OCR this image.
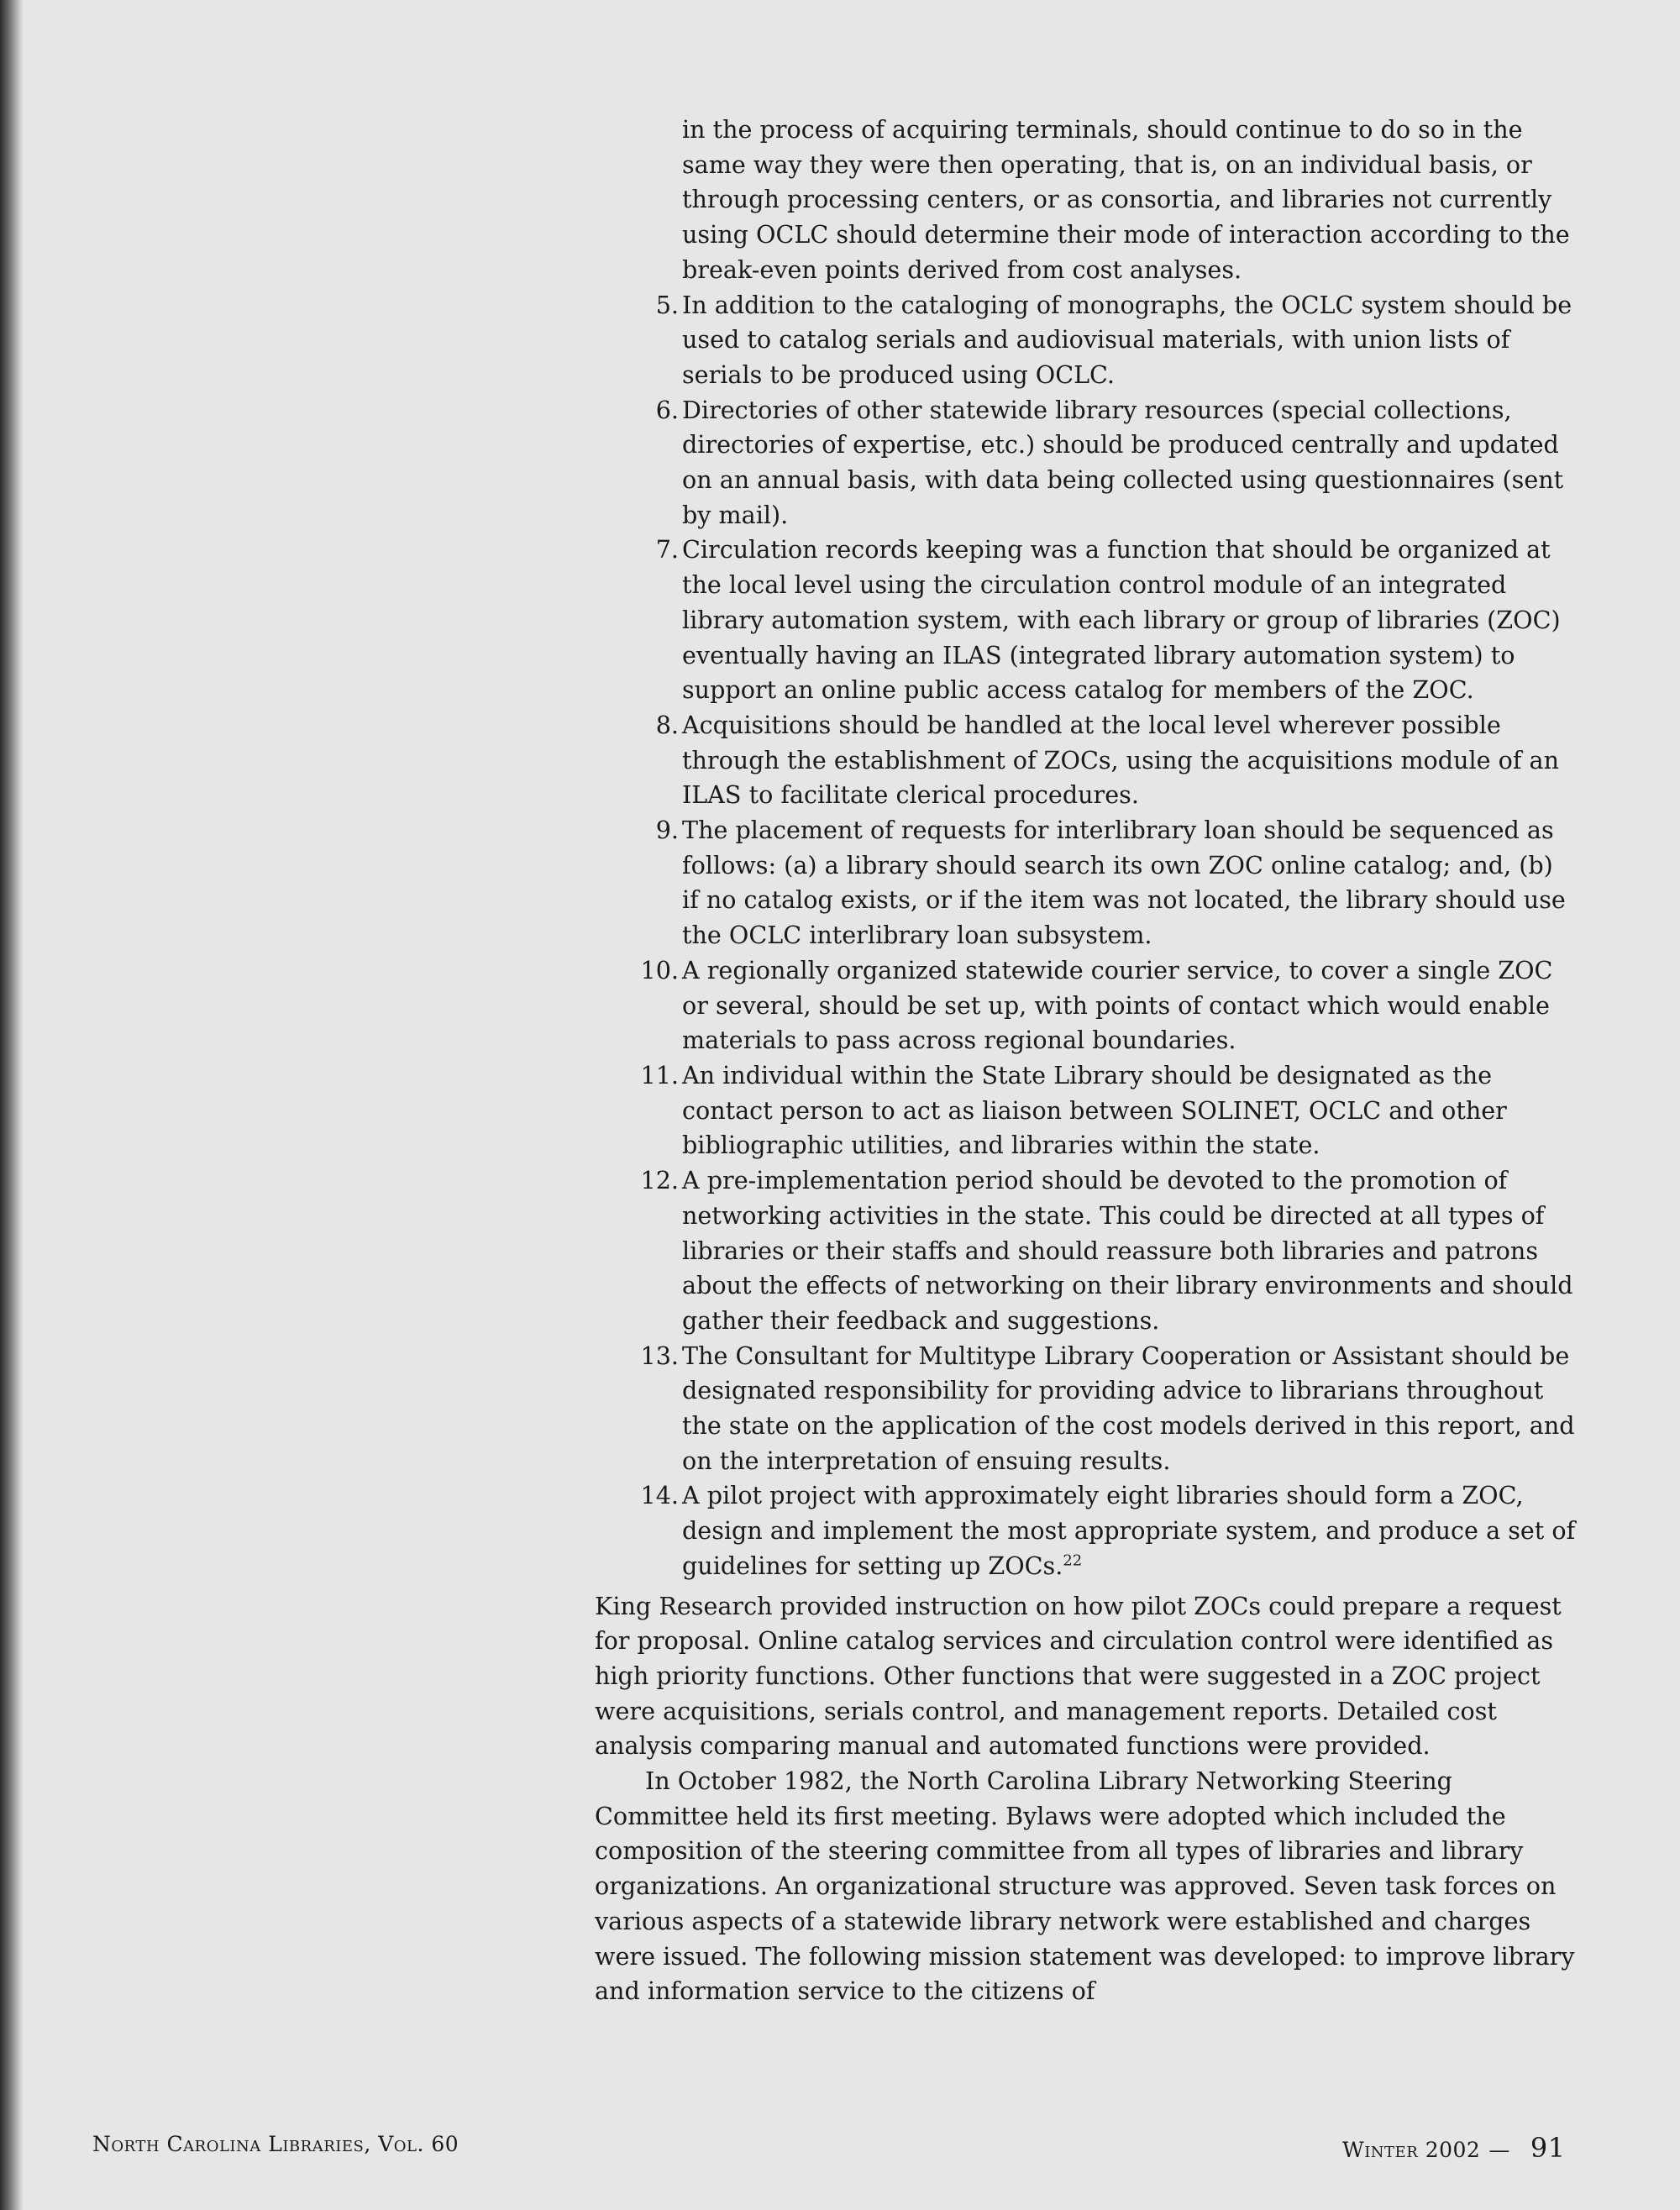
in the process of acquiring terminals, should continue to do so in the same way they were then operating, that is, on an individual basis, or through processing centers, or as consortia, and libraries not currently using OCLC should determine their mode of interaction according to the break-even points derived from cost analyses.
5. In addition to the cataloging of monographs, the OCLC system should be used to catalog serials and audiovisual materials, with union lists of serials to be produced using OCLC.
6. Directories of other statewide library resources (special collections, directories of expertise, etc.) should be produced centrally and updated on an annual basis, with data being collected using questionnaires (sent by mail).
7. Circulation records keeping was a function that should be organized at the local level using the circulation control module of an integrated library automation system, with each library or group of libraries (ZOC) eventually having an ILAS (integrated library automation system) to support an online public access catalog for members of the ZOC.
8. Acquisitions should be handled at the local level wherever possible through the establishment of ZOCs, using the acquisitions module of an ILAS to facilitate clerical procedures.
9. The placement of requests for interlibrary loan should be sequenced as follows: (a) a library should search its own ZOC online catalog; and, (b) if no catalog exists, or if the item was not located, the library should use the OCLC interlibrary loan subsystem.
10. A regionally organized statewide courier service, to cover a single ZOC or several, should be set up, with points of contact which would enable materials to pass across regional boundaries.
11. An individual within the State Library should be designated as the contact person to act as liaison between SOLINET, OCLC and other bibliographic utilities, and libraries within the state.
12. A pre-implementation period should be devoted to the promotion of networking activities in the state. This could be directed at all types of libraries or their staffs and should reassure both libraries and patrons about the effects of networking on their library environments and should gather their feedback and suggestions.
13. The Consultant for Multitype Library Cooperation or Assistant should be designated responsibility for providing advice to librarians throughout the state on the application of the cost models derived in this report, and on the interpretation of ensuing results.
14. A pilot project with approximately eight libraries should form a ZOC, design and implement the most appropriate system, and produce a set of guidelines for setting up ZOCs.$^{22}$

King Research provided instruction on how pilot ZOCs could prepare a request for proposal. Online catalog services and circulation control were identified as high priority functions. Other functions that were suggested in a ZOC project were acquisitions, serials control, and management reports. Detailed cost analysis comparing manual and automated functions were provided.

In October 1982, the North Carolina Library Networking Steering Committee held its first meeting. Bylaws were adopted which included the composition of the steering committee from all types of libraries and library organizations. An organizational structure was approved. Seven task forces on various aspects of a statewide library network were established and charges were issued. The following mission statement was developed: to improve library and information service to the citizens of

North Carolina Libraries, Vol. 60	Winter 2002 — 91
